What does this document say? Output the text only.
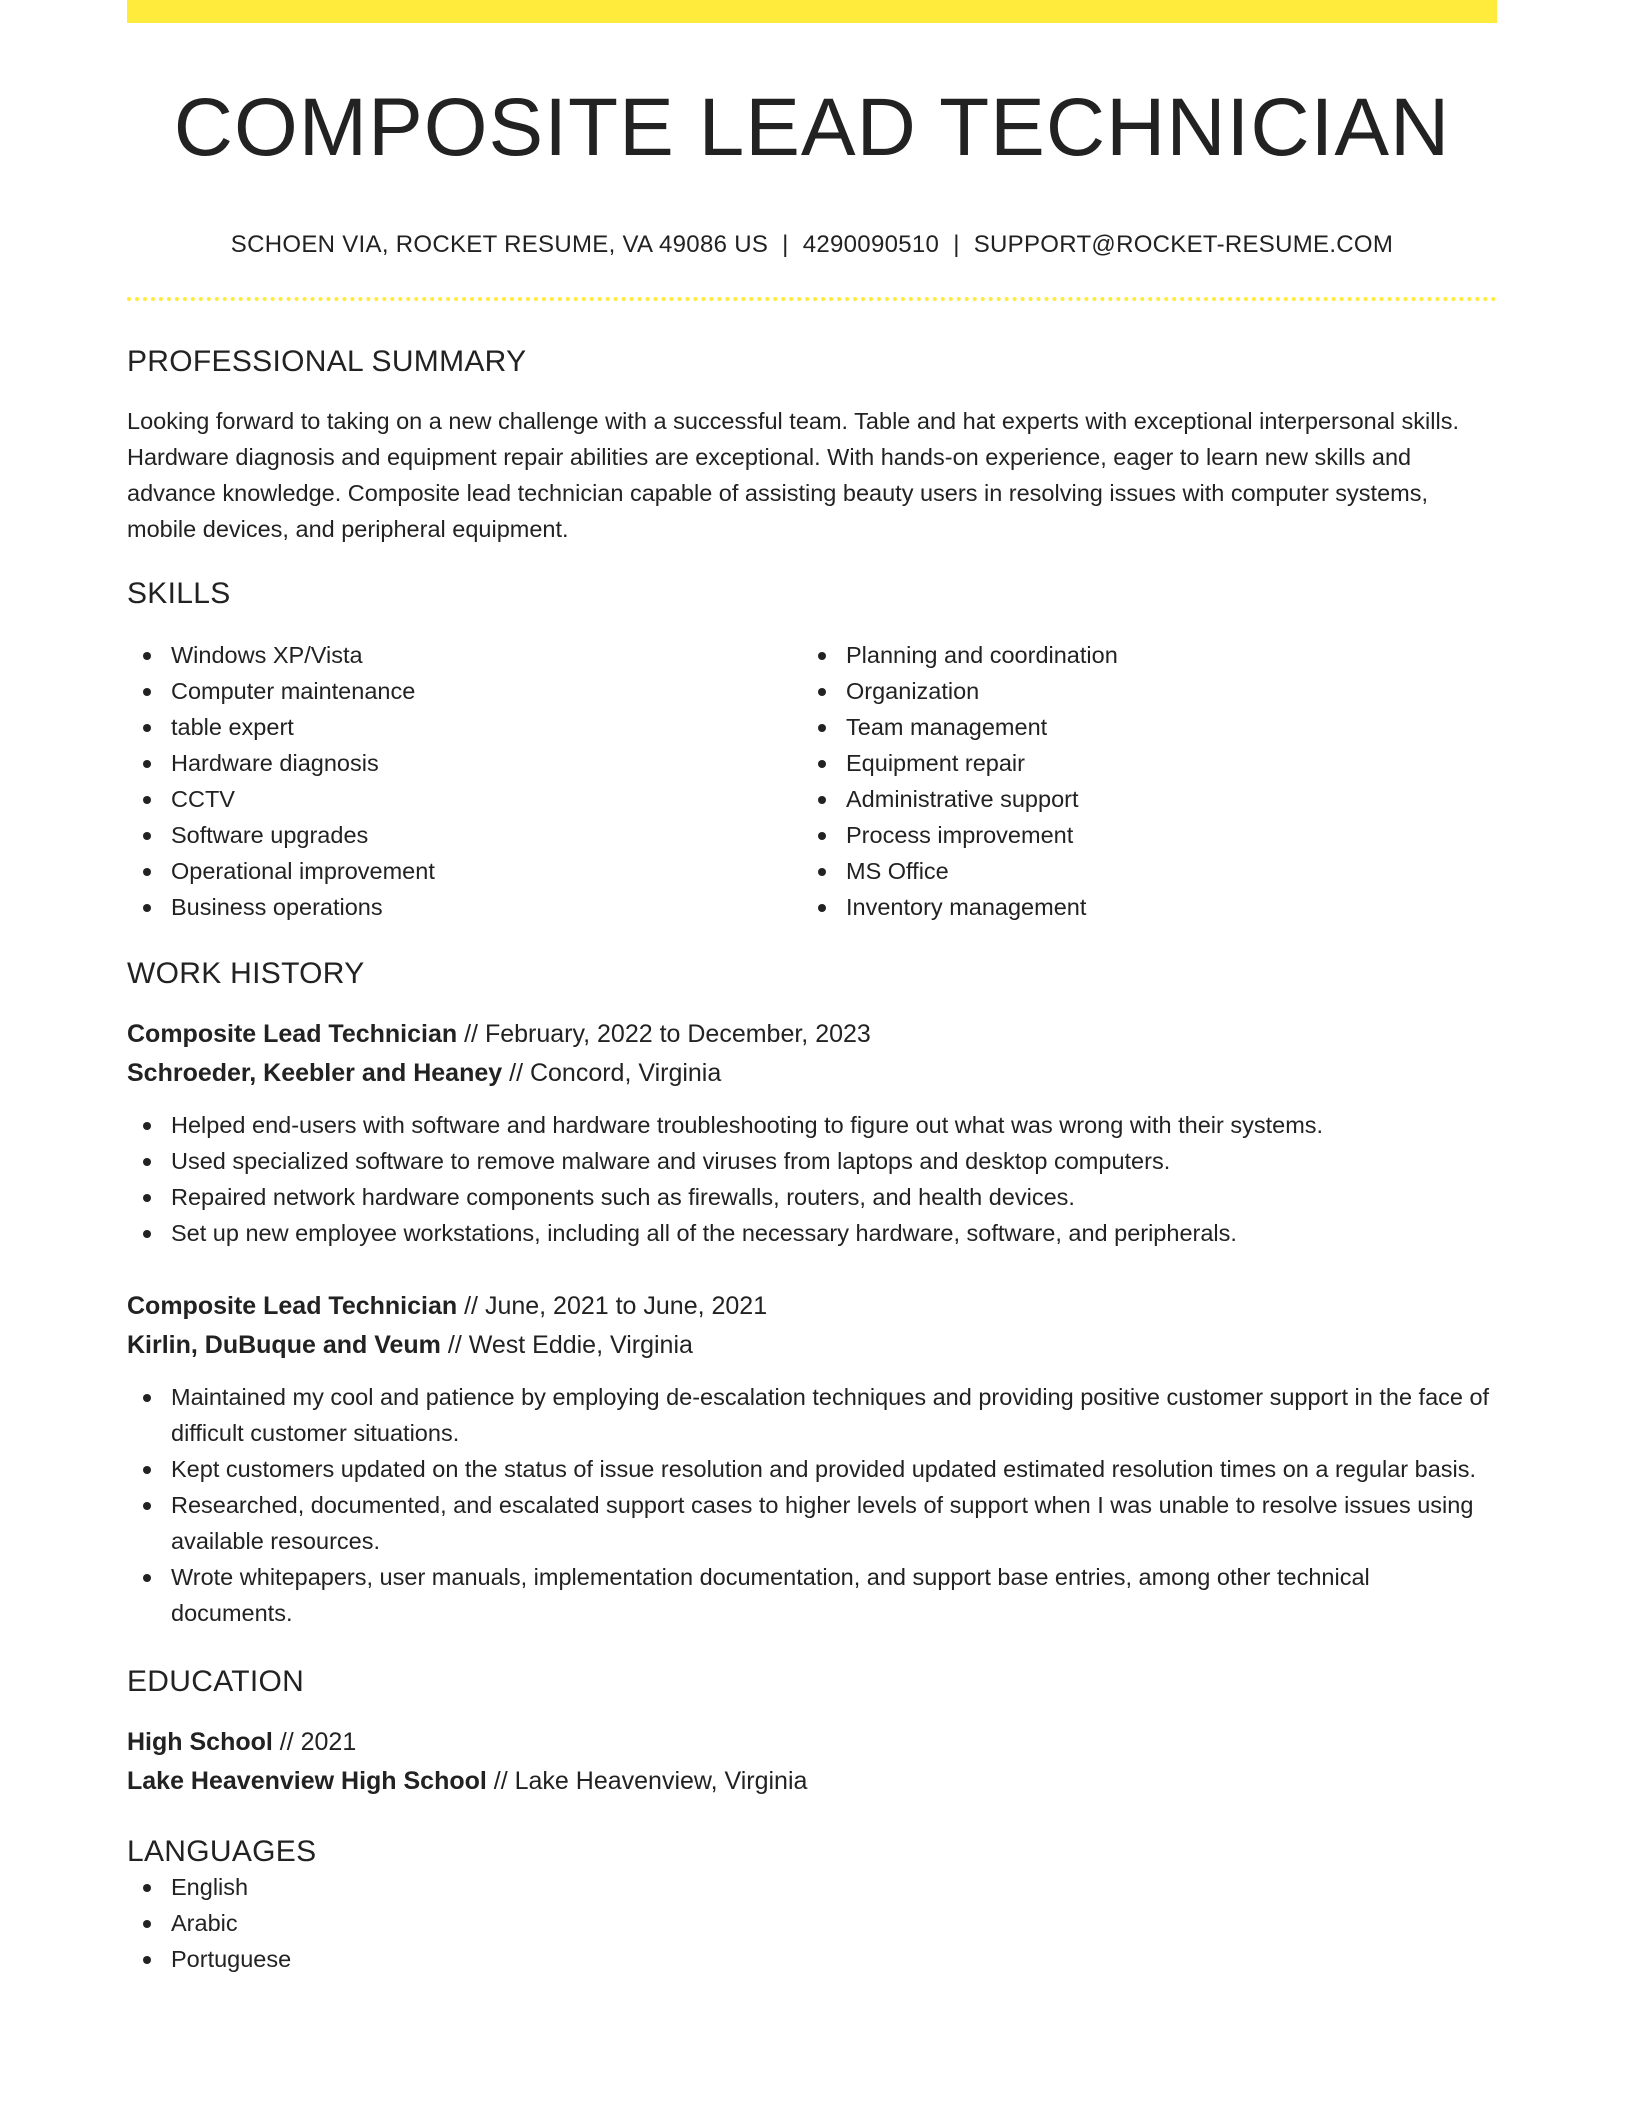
COMPOSITE LEAD TECHNICIAN
SCHOEN VIA, ROCKET RESUME, VA 49086 US | 4290090510 | SUPPORT@ROCKET-RESUME.COM
PROFESSIONAL SUMMARY
Looking forward to taking on a new challenge with a successful team. Table and hat experts with exceptional interpersonal skills. Hardware diagnosis and equipment repair abilities are exceptional. With hands-on experience, eager to learn new skills and advance knowledge. Composite lead technician capable of assisting beauty users in resolving issues with computer systems, mobile devices, and peripheral equipment.
SKILLS
Windows XP/Vista
Computer maintenance
table expert
Hardware diagnosis
CCTV
Software upgrades
Operational improvement
Business operations
Planning and coordination
Organization
Team management
Equipment repair
Administrative support
Process improvement
MS Office
Inventory management
WORK HISTORY
Composite Lead Technician // February, 2022 to December, 2023
Schroeder, Keebler and Heaney // Concord, Virginia
Helped end-users with software and hardware troubleshooting to figure out what was wrong with their systems.
Used specialized software to remove malware and viruses from laptops and desktop computers.
Repaired network hardware components such as firewalls, routers, and health devices.
Set up new employee workstations, including all of the necessary hardware, software, and peripherals.
Composite Lead Technician // June, 2021 to June, 2021
Kirlin, DuBuque and Veum // West Eddie, Virginia
Maintained my cool and patience by employing de-escalation techniques and providing positive customer support in the face of difficult customer situations.
Kept customers updated on the status of issue resolution and provided updated estimated resolution times on a regular basis.
Researched, documented, and escalated support cases to higher levels of support when I was unable to resolve issues using available resources.
Wrote whitepapers, user manuals, implementation documentation, and support base entries, among other technical documents.
EDUCATION
High School // 2021
Lake Heavenview High School // Lake Heavenview, Virginia
LANGUAGES
English
Arabic
Portuguese
